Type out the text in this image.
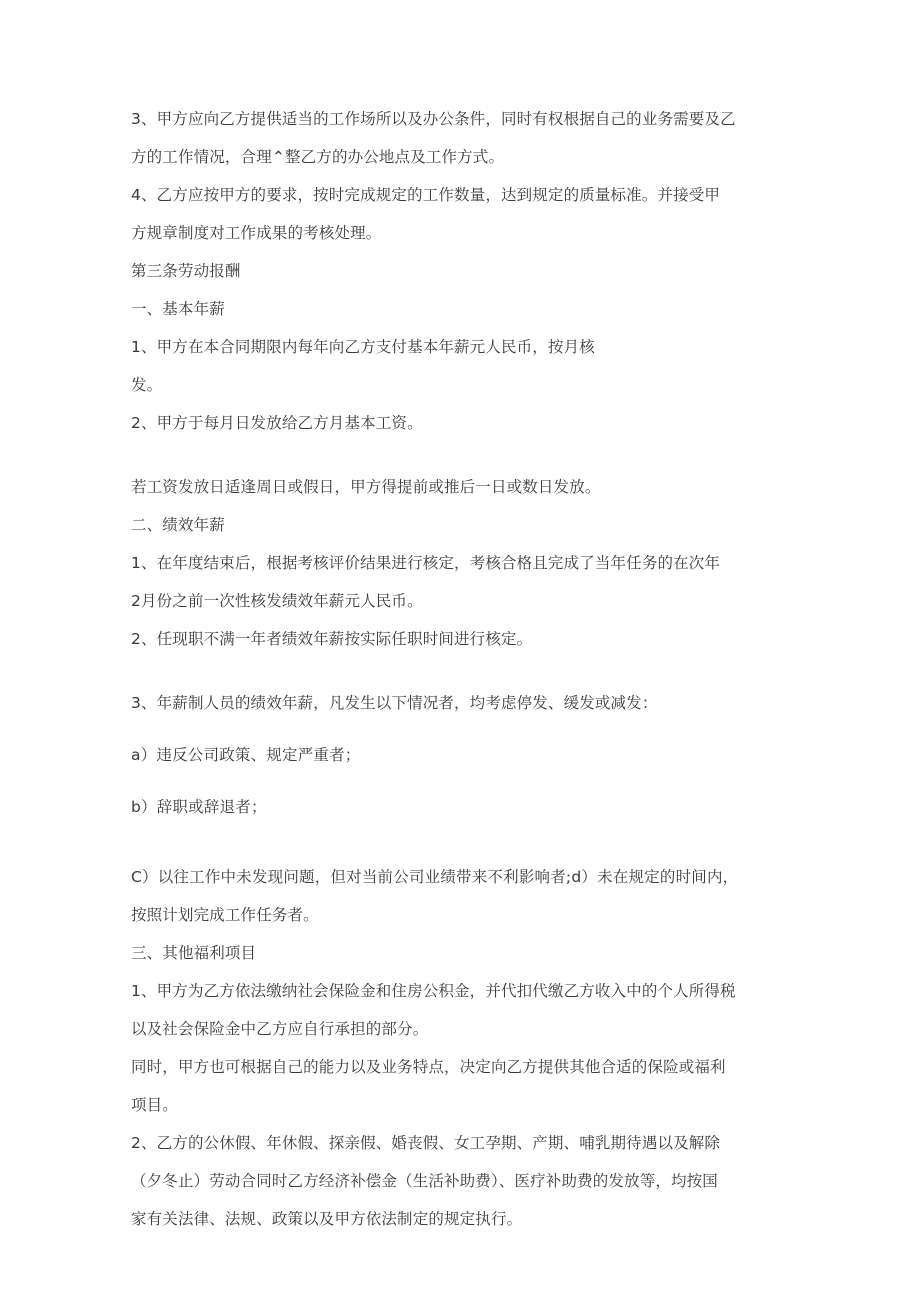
3、甲方应向乙方提供适当的工作场所以及办公条件，同时有权根据自己的业务需要及乙
方的工作情况，合理⌃整乙方的办公地点及工作方式。
4、乙方应按甲方的要求，按时完成规定的工作数量，达到规定的质量标准。并接受甲
方规章制度对工作成果的考核处理。
第三条劳动报酬
一、基本年薪
1、甲方在本合同期限内每年向乙方支付基本年薪元人民币，按月核
发。
2、甲方于每月日发放给乙方月基本工资。
若工资发放日适逢周日或假日，甲方得提前或推后一日或数日发放。
二、绩效年薪
1、在年度结束后，根据考核评价结果进行核定，考核合格且完成了当年任务的在次年
2月份之前一次性核发绩效年薪元人民币。
2、任现职不满一年者绩效年薪按实际任职时间进行核定。
3、年薪制人员的绩效年薪，凡发生以下情况者，均考虑停发、缓发或减发：
a）违反公司政策、规定严重者；
b）辞职或辞退者；
C）以往工作中未发现问题，但对当前公司业绩带来不利影响者;d）未在规定的时间内，
按照计划完成工作任务者。
三、其他福利项目
1、甲方为乙方依法缴纳社会保险金和住房公积金，并代扣代缴乙方收入中的个人所得税
以及社会保险金中乙方应自行承担的部分。
同时，甲方也可根据自己的能力以及业务特点，决定向乙方提供其他合适的保险或福利
项目。
2、乙方的公休假、年休假、探亲假、婚丧假、女工孕期、产期、哺乳期待遇以及解除
（夕冬止）劳动合同时乙方经济补偿金（生活补助费）、医疗补助费的发放等，均按国
家有关法律、法规、政策以及甲方依法制定的规定执行。
